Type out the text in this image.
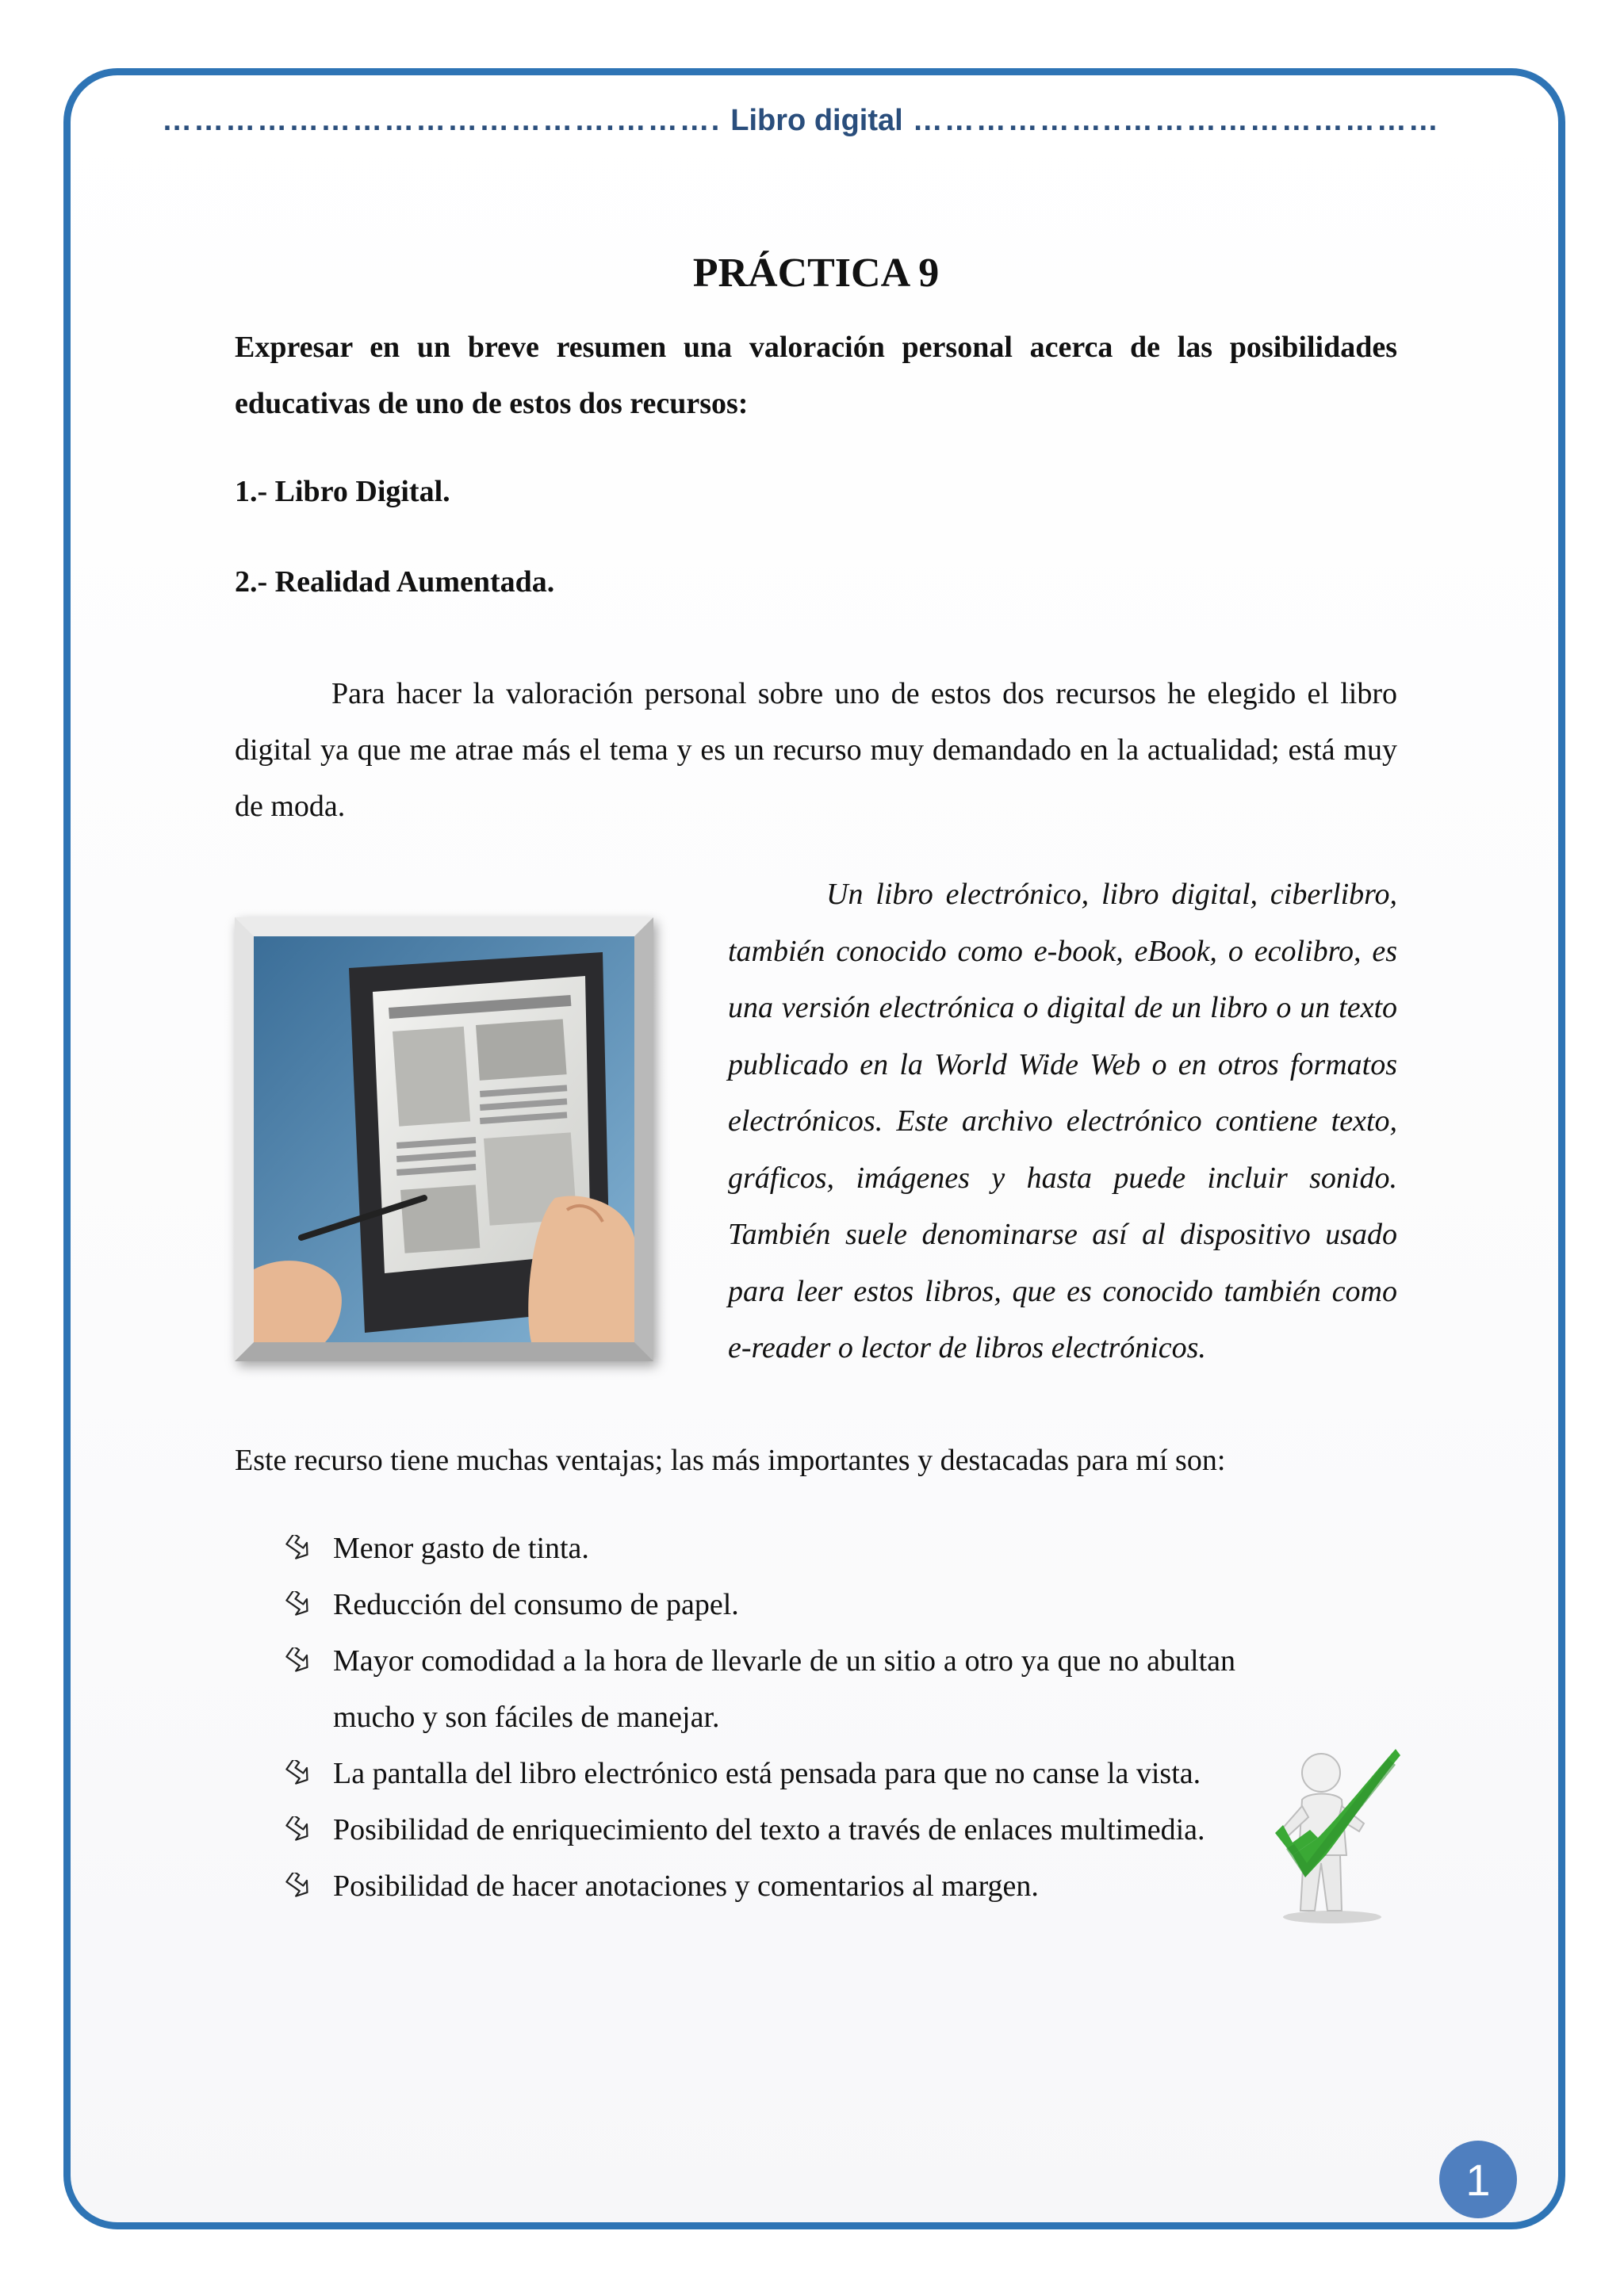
…………………………………….………. Libro digital ………………..…………………………
PRÁCTICA 9

Expresar en un breve resumen una valoración personal acerca de las posibilidades educativas de uno de estos dos recursos:

1.- Libro Digital.

2.- Realidad Aumentada.

Para hacer la valoración personal sobre uno de estos dos recursos he elegido el libro digital ya que me atrae más el tema y es un recurso muy demandado en la actualidad; está muy de moda.

Un libro electrónico, libro digital, ciberlibro, también conocido como e-book, eBook, o ecolibro, es una versión electrónica o digital de un libro o un texto publicado en la World Wide Web o en otros formatos electrónicos. Este archivo electrónico contiene texto, gráficos, imágenes y hasta puede incluir sonido. También suele denominarse así al dispositivo usado para leer estos libros, que es conocido también como e-reader o lector de libros electrónicos.

Este recurso tiene muchas ventajas; las más importantes y destacadas para mí son:

Menor gasto de tinta.
Reducción del consumo de papel.
Mayor comodidad a la hora de llevarle de un sitio a otro ya que no abultan mucho y son fáciles de manejar.
La pantalla del libro electrónico está pensada para que no canse la vista.
Posibilidad de enriquecimiento del texto a través de enlaces multimedia.
Posibilidad de hacer anotaciones y comentarios al margen.
1
